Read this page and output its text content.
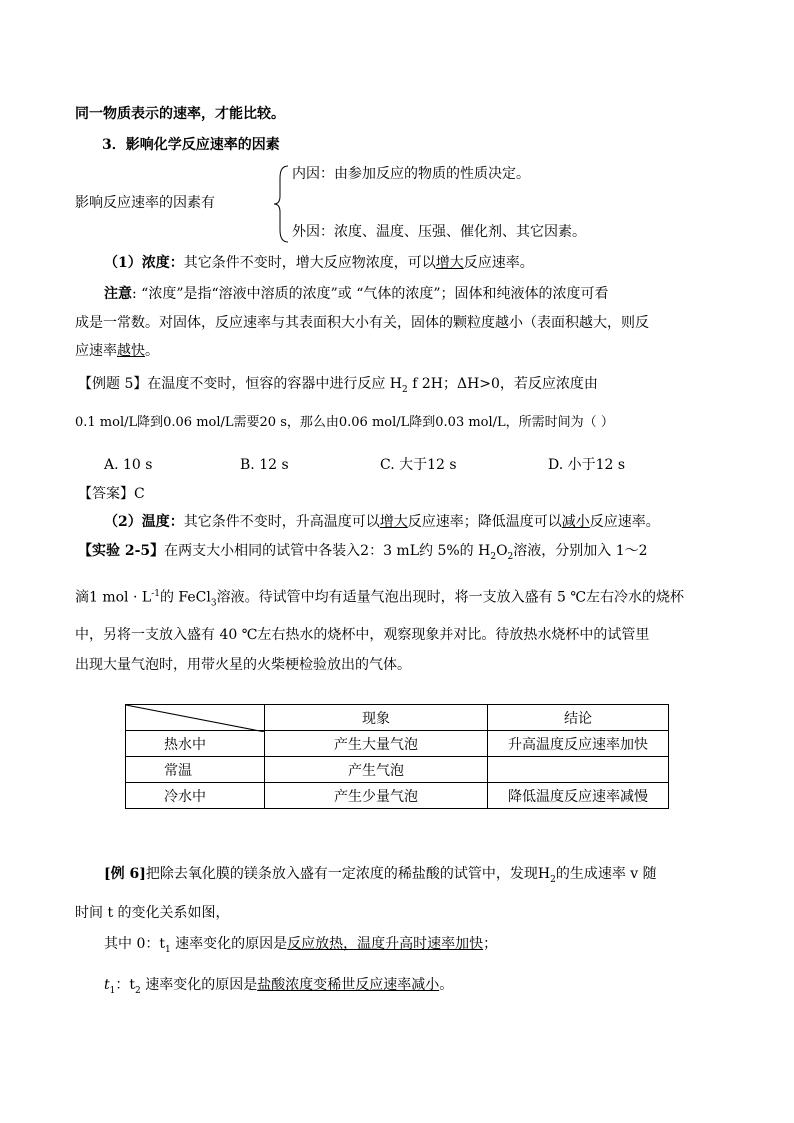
同一物质表示的速率，才能比较。
3．影响化学反应速率的因素
影响反应速率的因素有
内因：由参加反应的物质的性质决定。
外因：浓度、温度、压强、催化剂、其它因素。
（1）浓度：其它条件不变时，增大反应物浓度，可以增大反应速率。
注意: “浓度”是指“溶液中溶质的浓度”或 “气体的浓度”；固体和纯液体的浓度可看
成是一常数。对固体，反应速率与其表面积大小有关，固体的颗粒度越小（表面积越大，则反
应速率越快。
【例题 5】在温度不变时，恒容的容器中进行反应 $H_2$ f 2H；ΔH>0，若反应浓度由
0.1 mol/L降到0.06 mol/L需要20 s，那么由0.06 mol/L降到0.03 mol/L，所需时间为（ ）
A. 10 s	B. 12 s	C. 大于12 s	D. 小于12 s
【答案】C
（2）温度：其它条件不变时，升高温度可以增大反应速率；降低温度可以减小反应速率。
【实验 2-5】在两支大小相同的试管中各装入2：3 mL约 5%的 $H_2O_2$溶液，分别加入 1～2
滴1 mol · $L^{-1}$的 FeCl$_3$溶液。待试管中均有适量气泡出现时，将一支放入盛有 5 ℃左右冷水的烧杯
中，另将一支放入盛有 40 ℃左右热水的烧杯中，观察现象并对比。待放热水烧杯中的试管里
出现大量气泡时，用带火星的火柴梗检验放出的气体。
	现象	结论
热水中	产生大量气泡	升高温度反应速率加快
常温	产生气泡	
冷水中	产生少量气泡	降低温度反应速率减慢
[例 6]把除去氧化膜的镁条放入盛有一定浓度的稀盐酸的试管中，发现$H_2$的生成速率 v 随
时间 t 的变化关系如图，
其中 0：$t_1$ 速率变化的原因是反应放热，温度升高时速率加快；
$t_1$：$t_2$ 速率变化的原因是盐酸浓度变稀世反应速率减小。
